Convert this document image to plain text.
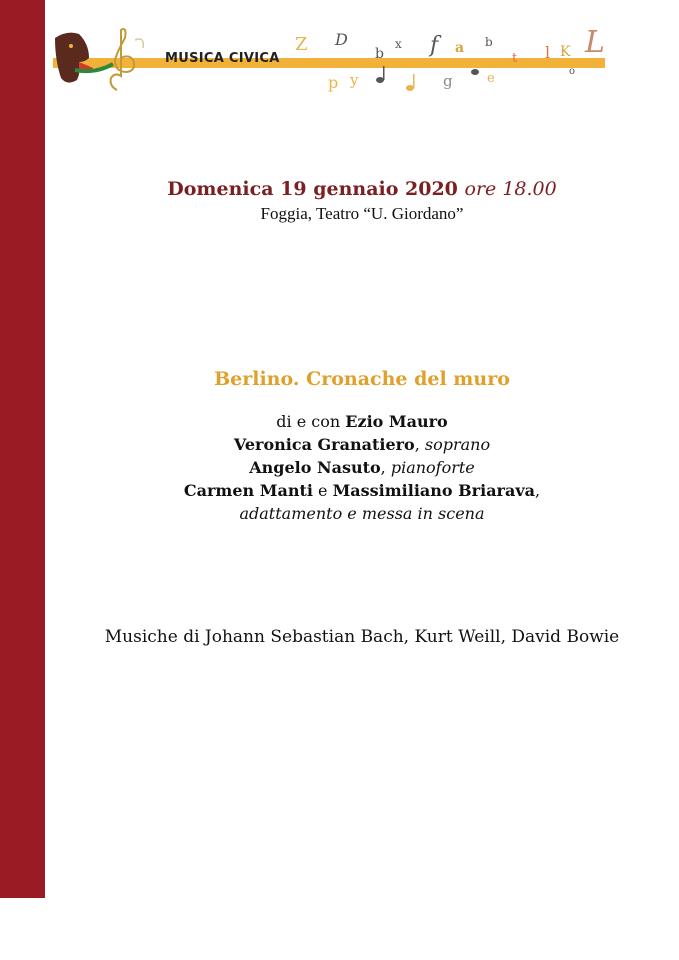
Z D
b
x f a b	L
l
p y	g	e
t	K
o
MUSICA CIVICA
Domenica 19 gennaio 2020 ore 18.00
Foggia, Teatro “U. Giordano”
Berlino. Cronache del muro
di e con Ezio Mauro
Veronica Granatiero, soprano
Angelo Nasuto, pianoforte
Carmen Manti e Massimiliano Briarava,
adattamento e messa in scena
Musiche di Johann Sebastian Bach, Kurt Weill, David Bowie
